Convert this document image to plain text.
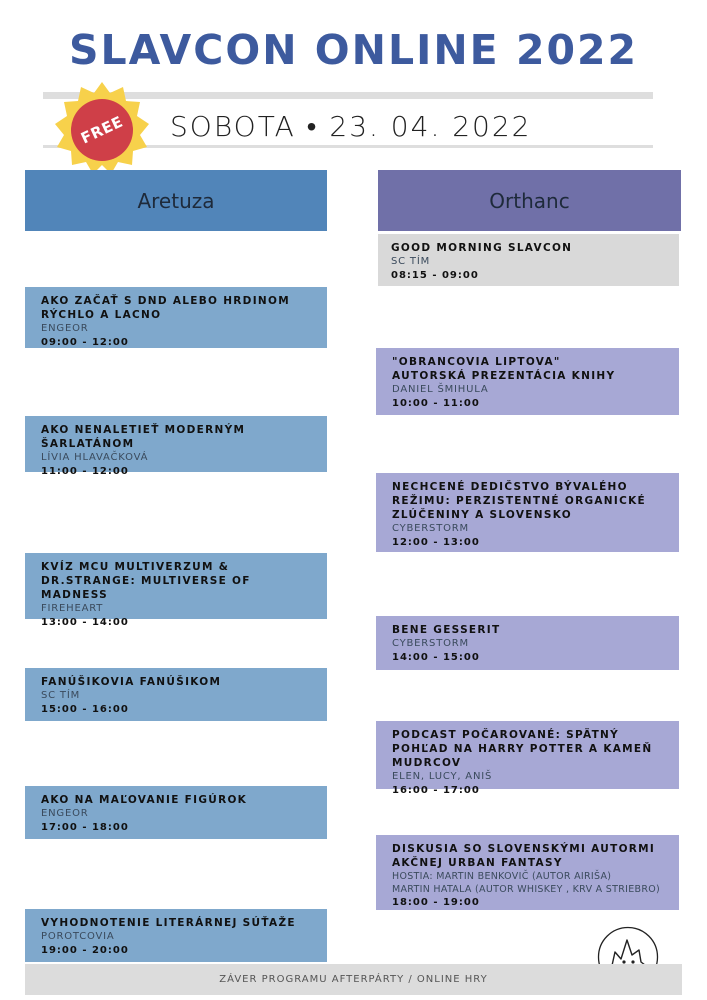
SLAVCON ONLINE 2022
SOBOTA • 23. 04. 2022
FREE
Aretuza	Orthanc
AKO ZAČAŤ S DND ALEBO HRDINOM RÝCHLO A LACNO
ENGEOR
09:00 - 12:00
AKO NENALETIEŤ MODERNÝM ŠARLATÁNOM
LÍVIA HLAVAČKOVÁ
11:00 - 12:00
KVÍZ MCU MULTIVERZUM & DR.STRANGE: MULTIVERSE OF MADNESS
FIREHEART
13:00 - 14:00
FANÚŠIKOVIA FANÚŠIKOM
SC TÍM
15:00 - 16:00
AKO NA MAĽOVANIE FIGÚROK
ENGEOR
17:00 - 18:00
VYHODNOTENIE LITERÁRNEJ SÚŤAŽE
POROTCOVIA
19:00 - 20:00
GOOD MORNING SLAVCON
SC TÍM
08:15 - 09:00
"OBRANCOVIA LIPTOVA"
AUTORSKÁ PREZENTÁCIA KNIHY
DANIEL ŠMIHULA
10:00 - 11:00
NECHCENÉ DEDIČSTVO BÝVALÉHO REŽIMU: PERZISTENTNÉ ORGANICKÉ ZLÚČENINY A SLOVENSKO
CYBERSTORM
12:00 - 13:00
BENE GESSERIT
CYBERSTORM
14:00 - 15:00
PODCAST POČAROVANÉ: SPÄTNÝ POHĽAD NA HARRY POTTER A KAMEŇ MUDRCOV
ELEN, LUCY, ANIŠ
16:00 - 17:00
DISKUSIA SO SLOVENSKÝMI AUTORMI AKČNEJ URBAN FANTASY
HOSTIA: MARTIN BENKOVIČ (AUTOR AIRIŠA)
MARTIN HATALA (AUTOR WHISKEY , KRV A STRIEBRO)
18:00 - 19:00
ZÁVER PROGRAMU AFTERPÁRTY / ONLINE HRY
